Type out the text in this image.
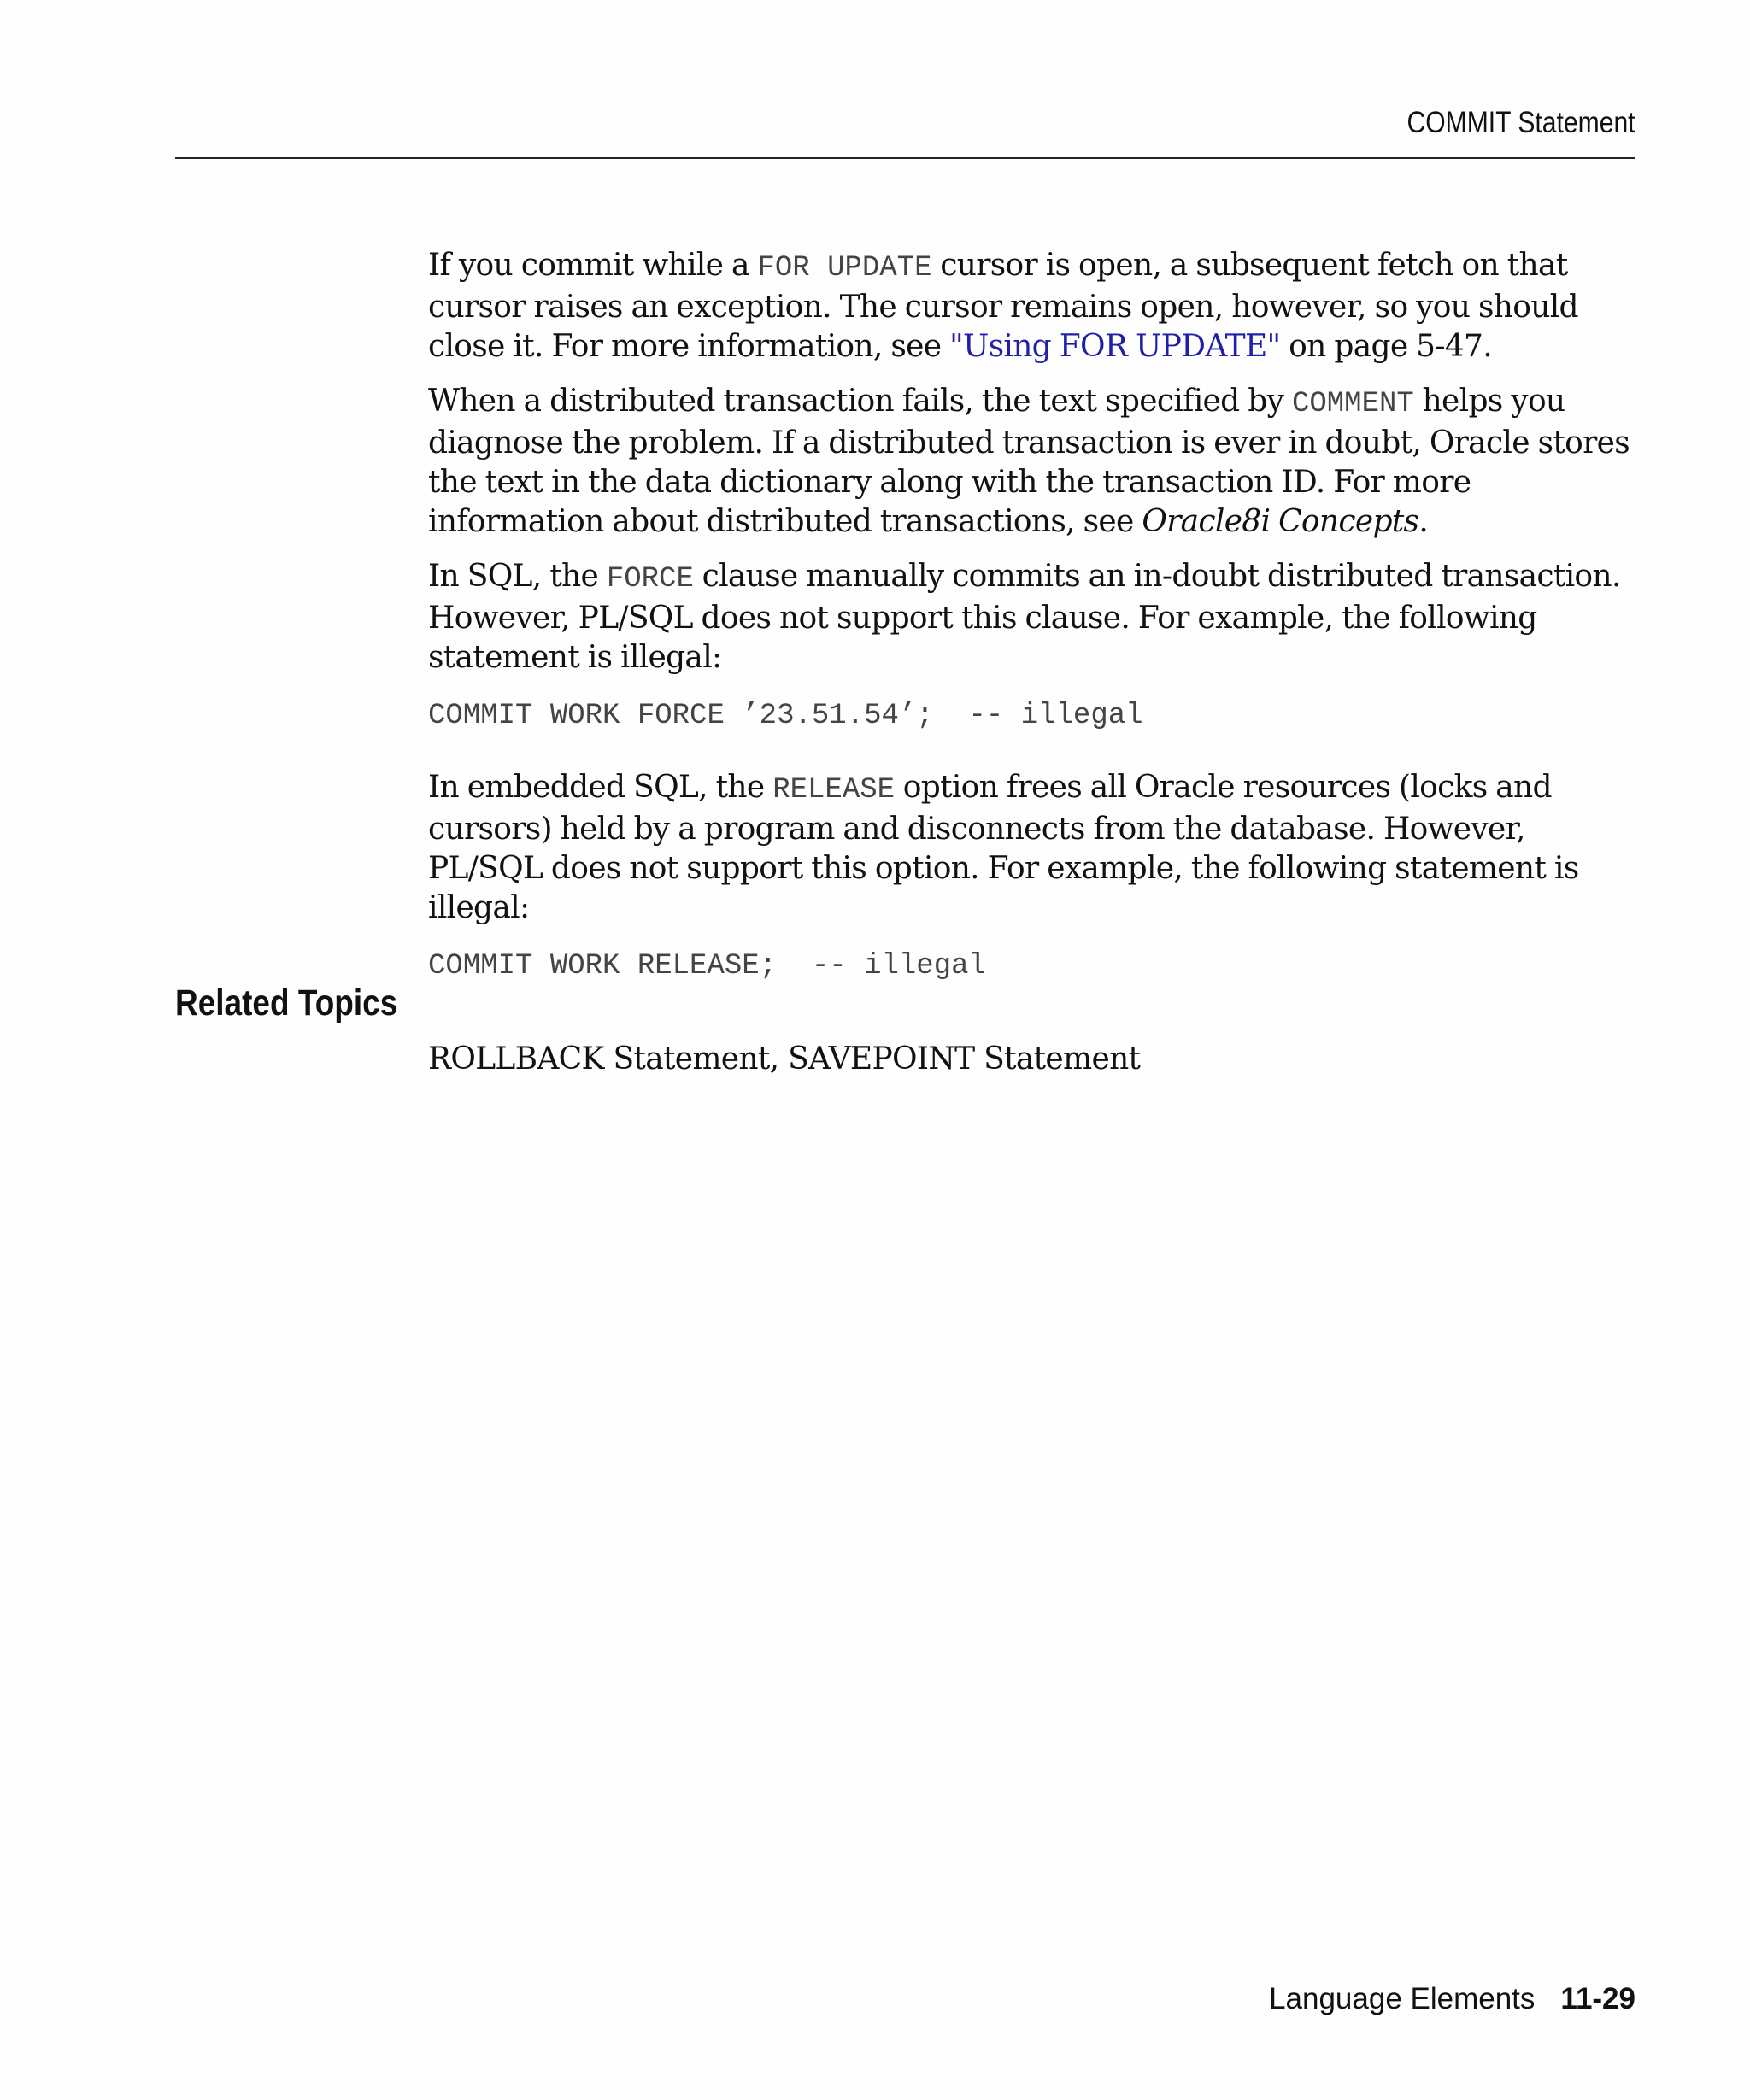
COMMIT Statement

If you commit while a FOR UPDATE cursor is open, a subsequent fetch on that cursor raises an exception. The cursor remains open, however, so you should close it. For more information, see "Using FOR UPDATE" on page 5-47.

When a distributed transaction fails, the text specified by COMMENT helps you diagnose the problem. If a distributed transaction is ever in doubt, Oracle stores the text in the data dictionary along with the transaction ID. For more information about distributed transactions, see Oracle8i Concepts.

In SQL, the FORCE clause manually commits an in-doubt distributed transaction. However, PL/SQL does not support this clause. For example, the following statement is illegal:

COMMIT WORK FORCE ’23.51.54’;  -- illegal

In embedded SQL, the RELEASE option frees all Oracle resources (locks and cursors) held by a program and disconnects from the database. However, PL/SQL does not support this option. For example, the following statement is illegal:

COMMIT WORK RELEASE;  -- illegal
Related Topics
ROLLBACK Statement, SAVEPOINT Statement
Language Elements 11-29
